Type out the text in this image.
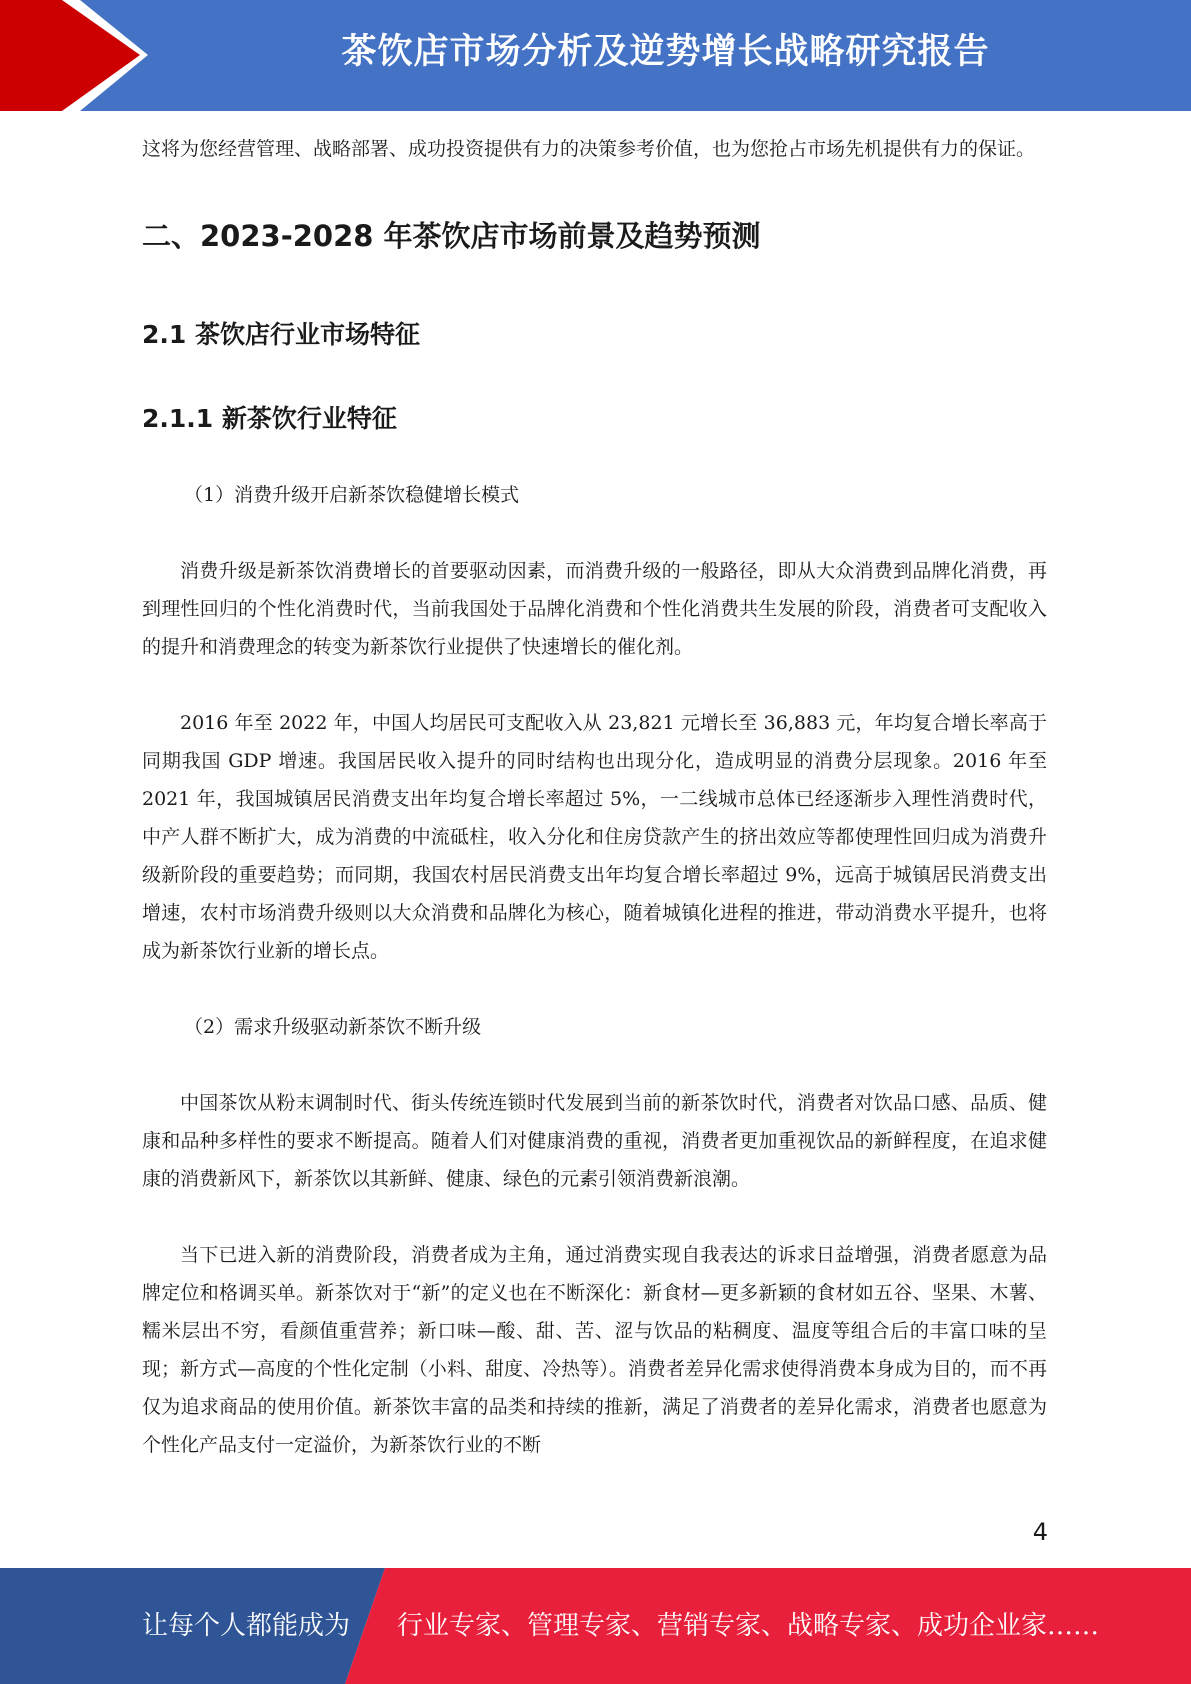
茶饮店市场分析及逆势增长战略研究报告

这将为您经营管理、战略部署、成功投资提供有力的决策参考价值，也为您抢占市场先机提供有力的保证。

二、2023-2028 年茶饮店市场前景及趋势预测
2.1 茶饮店行业市场特征
2.1.1 新茶饮行业特征

（1）消费升级开启新茶饮稳健增长模式

消费升级是新茶饮消费增长的首要驱动因素，而消费升级的一般路径，即从大众消费到品牌化消费，再到理性回归的个性化消费时代，当前我国处于品牌化消费和个性化消费共生发展的阶段，消费者可支配收入的提升和消费理念的转变为新茶饮行业提供了快速增长的催化剂。

2016 年至 2022 年，中国人均居民可支配收入从 23,821 元增长至 36,883 元，年均复合增长率高于同期我国 GDP 增速。我国居民收入提升的同时结构也出现分化，造成明显的消费分层现象。2016 年至 2021 年，我国城镇居民消费支出年均复合增长率超过 5%，一二线城市总体已经逐渐步入理性消费时代，中产人群不断扩大，成为消费的中流砥柱，收入分化和住房贷款产生的挤出效应等都使理性回归成为消费升级新阶段的重要趋势；而同期，我国农村居民消费支出年均复合增长率超过 9%，远高于城镇居民消费支出增速，农村市场消费升级则以大众消费和品牌化为核心，随着城镇化进程的推进，带动消费水平提升，也将成为新茶饮行业新的增长点。

（2）需求升级驱动新茶饮不断升级

中国茶饮从粉末调制时代、街头传统连锁时代发展到当前的新茶饮时代，消费者对饮品口感、品质、健康和品种多样性的要求不断提高。随着人们对健康消费的重视，消费者更加重视饮品的新鲜程度，在追求健康的消费新风下，新茶饮以其新鲜、健康、绿色的元素引领消费新浪潮。

当下已进入新的消费阶段，消费者成为主角，通过消费实现自我表达的诉求日益增强，消费者愿意为品牌定位和格调买单。新茶饮对于“新”的定义也在不断深化：新食材—更多新颖的食材如五谷、坚果、木薯、糯米层出不穷，看颜值重营养；新口味—酸、甜、苦、涩与饮品的粘稠度、温度等组合后的丰富口味的呈现；新方式—高度的个性化定制（小料、甜度、冷热等）。消费者差异化需求使得消费本身成为目的，而不再仅为追求商品的使用价值。新茶饮丰富的品类和持续的推新，满足了消费者的差异化需求，消费者也愿意为个性化产品支付一定溢价，为新茶饮行业的不断

4
让每个人都能成为 行业专家、管理专家、营销专家、战略专家、成功企业家……
